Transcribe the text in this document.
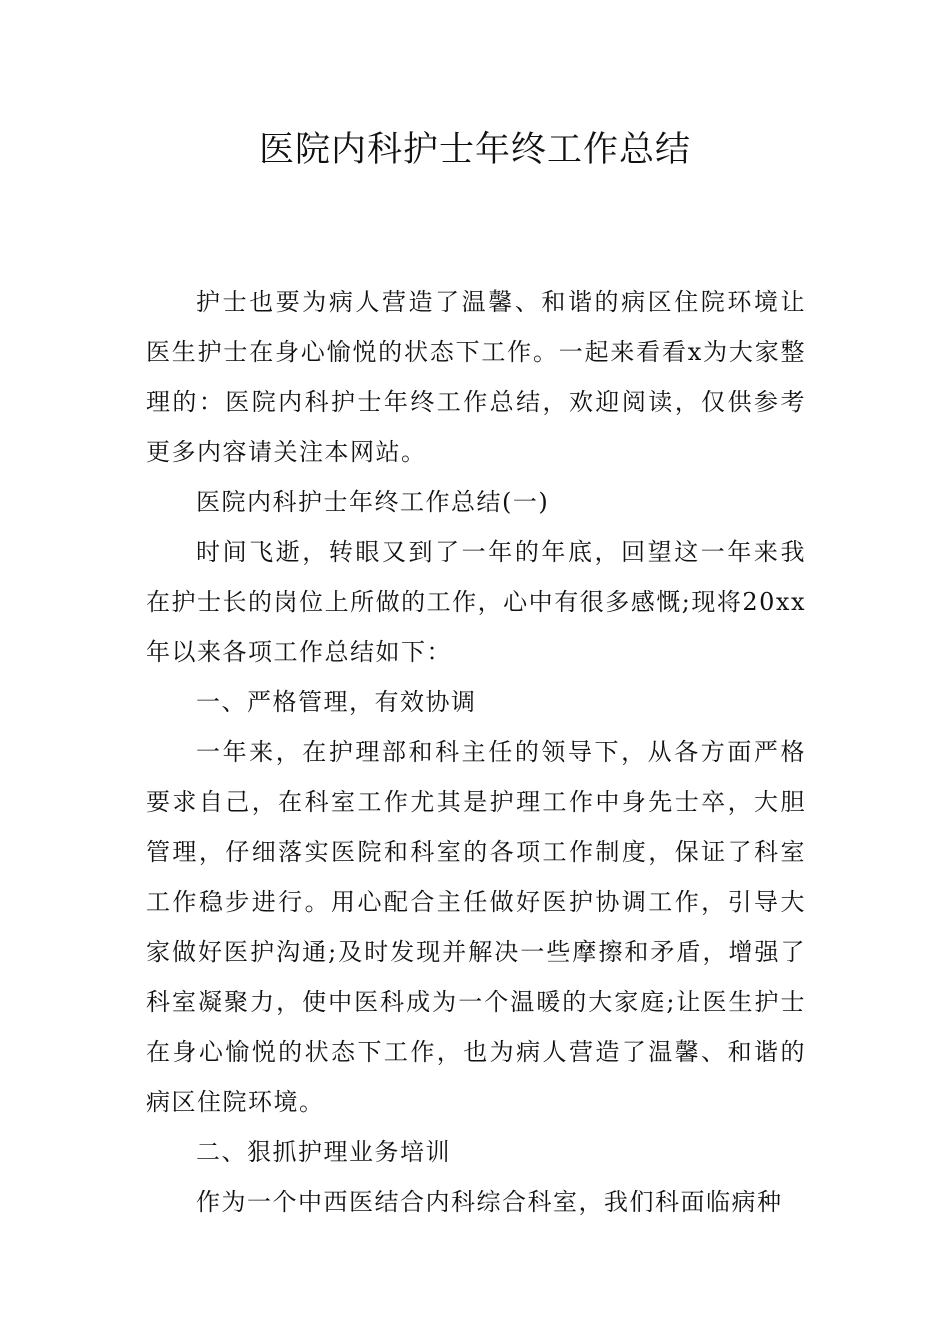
医院内科护士年终工作总结

护士也要为病人营造了温馨、和谐的病区住院环境让医生护士在身心愉悦的状态下工作。一起来看看x为大家整理的：医院内科护士年终工作总结，欢迎阅读，仅供参考更多内容请关注本网站。

医院内科护士年终工作总结(一)

时间飞逝，转眼又到了一年的年底，回望这一年来我在护士长的岗位上所做的工作，心中有很多感慨;现将20xx年以来各项工作总结如下：

一、严格管理，有效协调

一年来，在护理部和科主任的领导下，从各方面严格要求自己，在科室工作尤其是护理工作中身先士卒，大胆管理，仔细落实医院和科室的各项工作制度，保证了科室工作稳步进行。用心配合主任做好医护协调工作，引导大家做好医护沟通;及时发现并解决一些摩擦和矛盾，增强了科室凝聚力，使中医科成为一个温暖的大家庭;让医生护士在身心愉悦的状态下工作，也为病人营造了温馨、和谐的病区住院环境。

二、狠抓护理业务培训

作为一个中西医结合内科综合科室，我们科面临病种
